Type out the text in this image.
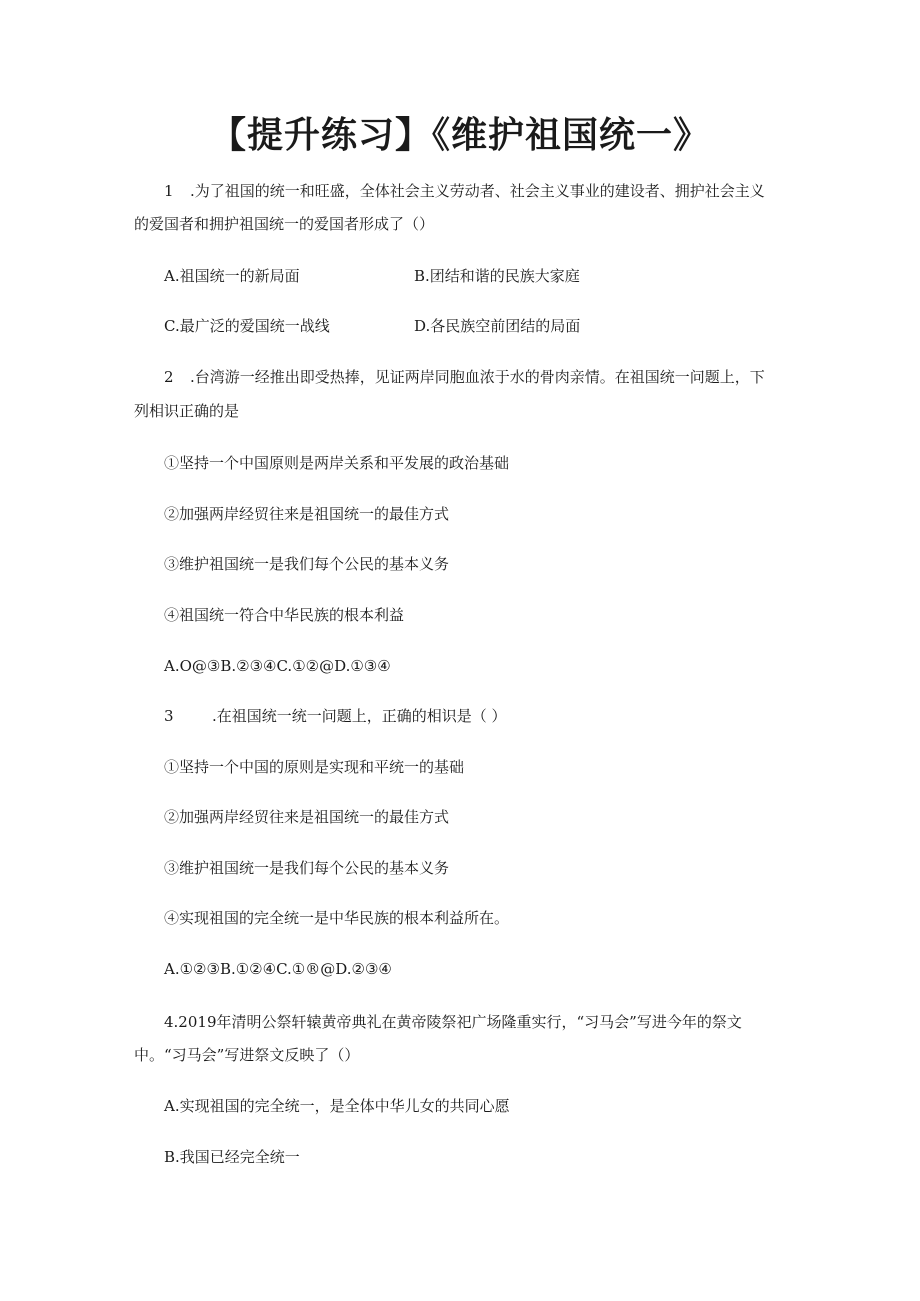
【提升练习】《维护祖国统一》

1 .为了祖国的统一和旺盛，全体社会主义劳动者、社会主义事业的建设者、拥护社会主义

的爱国者和拥护祖国统一的爱国者形成了（）

A.祖国统一的新局面	B.团结和谐的民族大家庭

C.最广泛的爱国统一战线	D.各民族空前团结的局面

2 .台湾游一经推出即受热捧，见证两岸同胞血浓于水的骨肉亲情。在祖国统一问题上，下

列相识正确的是

①坚持一个中国原则是两岸关系和平发展的政治基础

②加强两岸经贸往来是祖国统一的最佳方式

③维护祖国统一是我们每个公民的基本义务

④祖国统一符合中华民族的根本利益

A.O@③B.②③④C.①②@D.①③④

3	.在祖国统一统一问题上，正确的相识是（ ）

①坚持一个中国的原则是实现和平统一的基础

②加强两岸经贸往来是祖国统一的最佳方式

③维护祖国统一是我们每个公民的基本义务

④实现祖国的完全统一是中华民族的根本利益所在。

A.①②③B.①②④C.①®@D.②③④

4.2019年清明公祭轩辕黄帝典礼在黄帝陵祭祀广场隆重实行，“习马会”写进今年的祭文

中。“习马会”写进祭文反映了（）

A.实现祖国的完全统一，是全体中华儿女的共同心愿

B.我国已经完全统一
